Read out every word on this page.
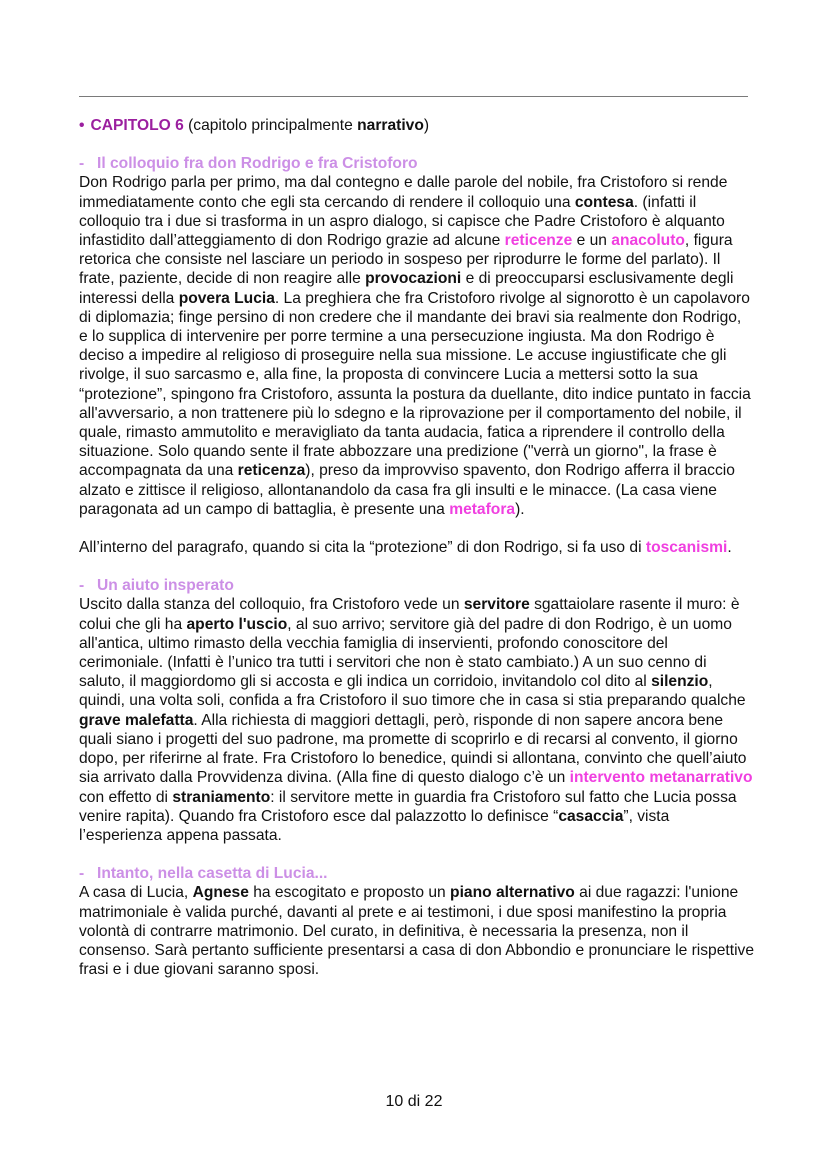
• CAPITOLO 6 (capitolo principalmente narrativo)
- Il colloquio fra don Rodrigo e fra Cristoforo

Don Rodrigo parla per primo, ma dal contegno e dalle parole del nobile, fra Cristoforo si rende immediatamente conto che egli sta cercando di rendere il colloquio una contesa. (infatti il colloquio tra i due si trasforma in un aspro dialogo, si capisce che Padre Cristoforo è alquanto infastidito dall’atteggiamento di don Rodrigo grazie ad alcune reticenze e un anacoluto, figura retorica che consiste nel lasciare un periodo in sospeso per riprodurre le forme del parlato). Il frate, paziente, decide di non reagire alle provocazioni e di preoccuparsi esclusivamente degli interessi della povera Lucia. La preghiera che fra Cristoforo rivolge al signorotto è un capolavoro di diplomazia; finge persino di non credere che il mandante dei bravi sia realmente don Rodrigo, e lo supplica di intervenire per porre termine a una persecuzione ingiusta. Ma don Rodrigo è deciso a impedire al religioso di proseguire nella sua missione. Le accuse ingiustificate che gli rivolge, il suo sarcasmo e, alla fine, la proposta di convincere Lucia a mettersi sotto la sua “protezione”, spingono fra Cristoforo, assunta la postura da duellante, dito indice puntato in faccia all'avversario, a non trattenere più lo sdegno e la riprovazione per il comportamento del nobile, il quale, rimasto ammutolito e meravigliato da tanta audacia, fatica a riprendere il controllo della situazione. Solo quando sente il frate abbozzare una predizione ("verrà un giorno", la frase è accompagnata da una reticenza), preso da improvviso spavento, don Rodrigo afferra il braccio alzato e zittisce il religioso, allontanandolo da casa fra gli insulti e le minacce. (La casa viene paragonata ad un campo di battaglia, è presente una metafora).

All’interno del paragrafo, quando si cita la “protezione” di don Rodrigo, si fa uso di toscanismi.

- Un aiuto insperato

Uscito dalla stanza del colloquio, fra Cristoforo vede un servitore sgattaiolare rasente il muro: è colui che gli ha aperto l'uscio, al suo arrivo; servitore già del padre di don Rodrigo, è un uomo all'antica, ultimo rimasto della vecchia famiglia di inservienti, profondo conoscitore del cerimoniale. (Infatti è l’unico tra tutti i servitori che non è stato cambiato.) A un suo cenno di saluto, il maggiordomo gli si accosta e gli indica un corridoio, invitandolo col dito al silenzio, quindi, una volta soli, confida a fra Cristoforo il suo timore che in casa si stia preparando qualche grave malefatta. Alla richiesta di maggiori dettagli, però, risponde di non sapere ancora bene quali siano i progetti del suo padrone, ma promette di scoprirlo e di recarsi al convento, il giorno dopo, per riferirne al frate. Fra Cristoforo lo benedice, quindi si allontana, convinto che quell’aiuto sia arrivato dalla Provvidenza divina. (Alla fine di questo dialogo c’è un intervento metanarrativo con effetto di straniamento: il servitore mette in guardia fra Cristoforo sul fatto che Lucia possa venire rapita). Quando fra Cristoforo esce dal palazzotto lo definisce “casaccia”, vista l’esperienza appena passata.

- Intanto, nella casetta di Lucia...

A casa di Lucia, Agnese ha escogitato e proposto un piano alternativo ai due ragazzi: l'unione matrimoniale è valida purché, davanti al prete e ai testimoni, i due sposi manifestino la propria volontà di contrarre matrimonio. Del curato, in definitiva, è necessaria la presenza, non il consenso. Sarà pertanto sufficiente presentarsi a casa di don Abbondio e pronunciare le rispettive frasi e i due giovani saranno sposi.

10 di 22
